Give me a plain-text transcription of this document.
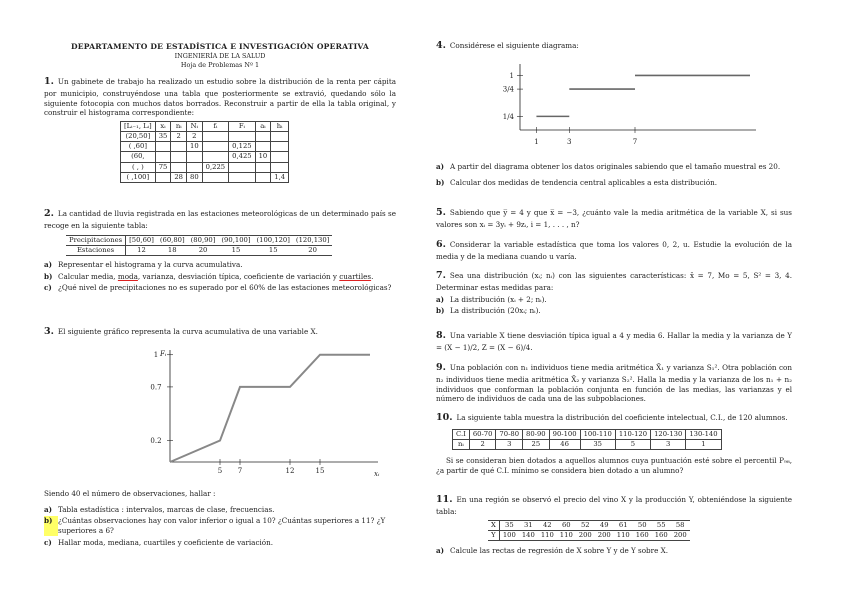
DEPARTAMENTO DE ESTADÍSTICA E INVESTIGACIÓN OPERATIVA
INGENIERÍA DE LA SALUD
Hoja de Problemas Nº 1

1. Un gabinete de trabajo ha realizado un estudio sobre la distribución de la renta per cápita por municipio, construyéndose una tabla que posteriormente se extravió, quedando sólo la siguiente fotocopia con muchos datos borrados. Reconstruir a partir de ella la tabla original, y construir el histograma correspondiente:

[Lᵢ₋₁, Lᵢ]	xᵢ	nᵢ	Nᵢ	fᵢ	Fᵢ	aᵢ	hᵢ
(20,50]	35	2	2				
( ,60]			10		0,125		
(60,					0,425	10	
( , )	75			0,225			
( ,100]		28	80				1,4

2. La cantidad de lluvia registrada en las estaciones meteorológicas de un determinado país se recoge en la siguiente tabla:

Precipitaciones	[50,60]	(60,80]	(80,90]	(90,100]	(100,120]	(120,130]
Estaciones	12	18	20	15	15	20
a) Representar el histograma y la curva acumulativa.
b) Calcular media, moda, varianza, desviación típica, coeficiente de variación y cuartiles.
c) ¿Qué nivel de precipitaciones no es superado por el 60% de las estaciones meteorológicas?

3. El siguiente gráfico representa la curva acumulativa de una variable X.

Fᵢ
xᵢ
0.2
0.7
1
5 7	12	15

Siendo 40 el número de observaciones, hallar :

a) Tabla estadística : intervalos, marcas de clase, frecuencias.
b) ¿Cuántas observaciones hay con valor inferior o igual a 10? ¿Cuántas superiores a 11? ¿Y superiores a 6?
c) Hallar moda, mediana, cuartiles y coeficiente de variación.

4. Considérese el siguiente diagrama:

1/4
3/4
1
1	3	7
a) A partir del diagrama obtener los datos originales sabiendo que el tamaño muestral es 20.
b) Calcular dos medidas de tendencia central aplicables a esta distribución.

5. Sabiendo que y̅ = 4 y que x̅ = −3, ¿cuánto vale la media aritmética de la variable X, si sus valores son xᵢ = 3yᵢ + 9zᵢ, i = 1, . . . , n?

6. Considerar la variable estadística que toma los valores 0, 2, u. Estudie la evolución de la media y de la mediana cuando u varía.

7. Sea una distribución (xᵢ; nᵢ) con las siguientes características: x̄ = 7, Mo = 5, S² = 3, 4. Determinar estas medidas para:

a) La distribución (xᵢ + 2; nᵢ).
b) La distribución (20xᵢ; nᵢ).

8. Una variable X tiene desviación típica igual a 4 y media 6. Hallar la media y la varianza de Y = (X − 1)/2, Z = (X − 6)/4.

9. Una población con n₁ individuos tiene media aritmética X̄₁ y varianza S₁². Otra población con n₂ individuos tiene media aritmética X̄₂ y varianza S₂². Halla la media y la varianza de los n₁ + n₂ individuos que conforman la población conjunta en función de las medias, las varianzas y el número de individuos de cada una de las subpoblaciones.

10. La siguiente tabla muestra la distribución del coeficiente intelectual, C.I., de 120 alumnos.

C.I	60-70	70-80	80-90	90-100	100-110	110-120	120-130	130-140
nᵢ	2	3	25	46	35	5	3	1

Si se consideran bien dotados a aquellos alumnos cuya puntuación esté sobre el percentil P₉₈, ¿a partir de qué C.I. mínimo se considera bien dotado a un alumno?

11. En una región se observó el precio del vino X y la producción Y, obteniéndose la siguiente tabla:

X	35	31	42	60	52	49	61	50	55	58
Y	100	140	110	110	200	200	110	160	160	200
a) Calcule las rectas de regresión de X sobre Y y de Y sobre X.
